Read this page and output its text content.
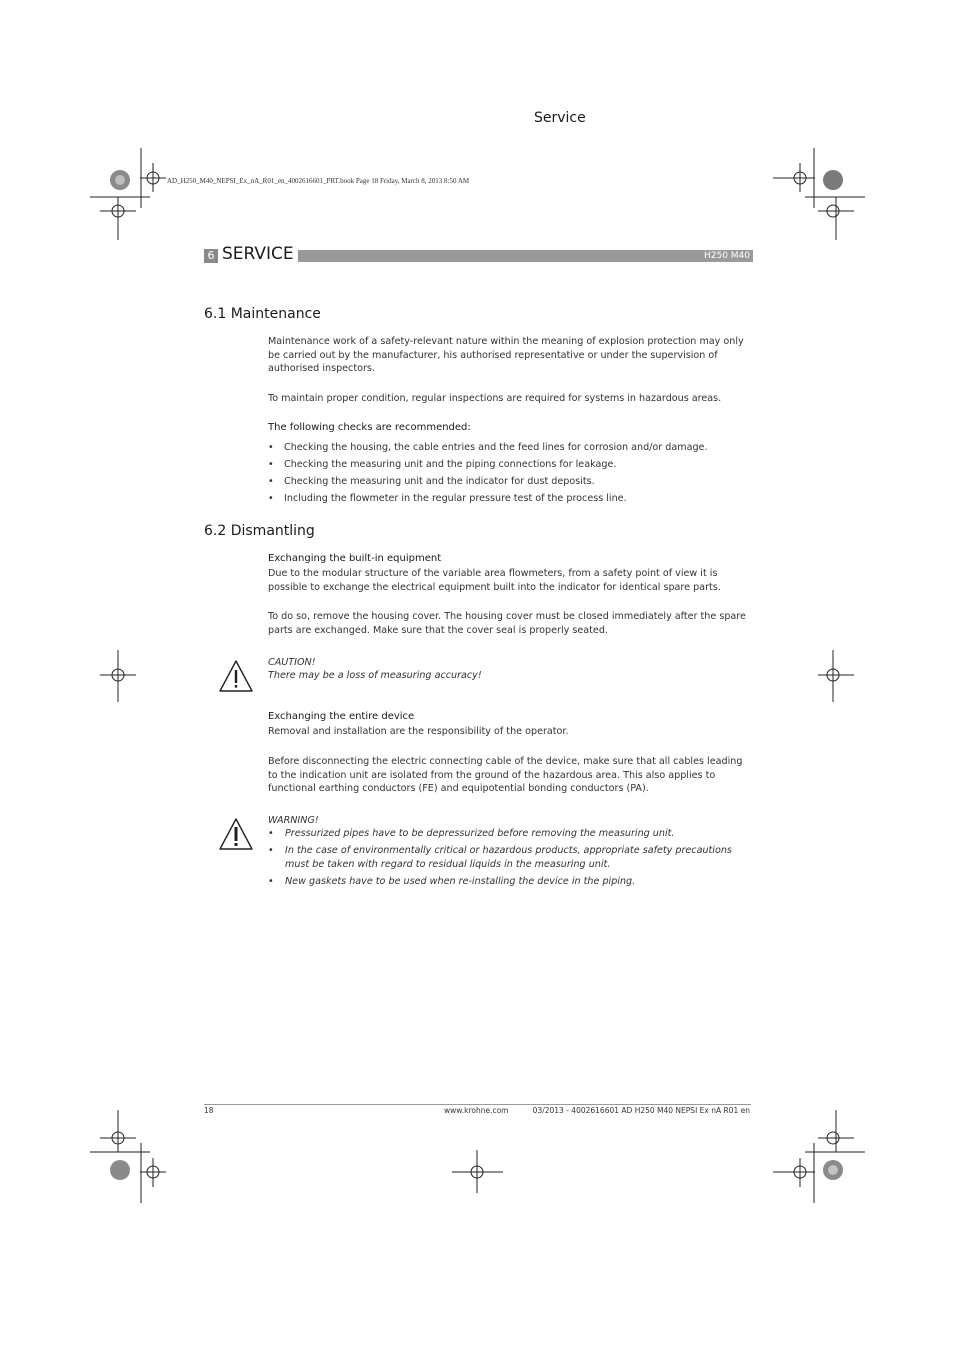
Service
AD_H250_M40_NEPSI_Ex_nA_R01_en_4002616601_PRT.book Page 18 Friday, March 8, 2013 8:50 AM
6 SERVICE	H250 M40
6.1 Maintenance
Maintenance work of a safety-relevant nature within the meaning of explosion protection may only be carried out by the manufacturer, his authorised representative or under the supervision of authorised inspectors.
To maintain proper condition, regular inspections are required for systems in hazardous areas.
The following checks are recommended:
• Checking the housing, the cable entries and the feed lines for corrosion and/or damage.
• Checking the measuring unit and the piping connections for leakage.
• Checking the measuring unit and the indicator for dust deposits.
• Including the flowmeter in the regular pressure test of the process line.
6.2 Dismantling
Exchanging the built-in equipment
Due to the modular structure of the variable area flowmeters, from a safety point of view it is possible to exchange the electrical equipment built into the indicator for identical spare parts.
To do so, remove the housing cover. The housing cover must be closed immediately after the spare parts are exchanged. Make sure that the cover seal is properly seated.
CAUTION!
There may be a loss of measuring accuracy!
Exchanging the entire device
Removal and installation are the responsibility of the operator.
Before disconnecting the electric connecting cable of the device, make sure that all cables leading to the indication unit are isolated from the ground of the hazardous area. This also applies to functional earthing conductors (FE) and equipotential bonding conductors (PA).
WARNING!
• Pressurized pipes have to be depressurized before removing the measuring unit.
• In the case of environmentally critical or hazardous products, appropriate safety precautions must be taken with regard to residual liquids in the measuring unit.
• New gaskets have to be used when re-installing the device in the piping.
18	www.krohne.com	03/2013 - 4002616601 AD H250 M40 NEPSI Ex nA R01 en
